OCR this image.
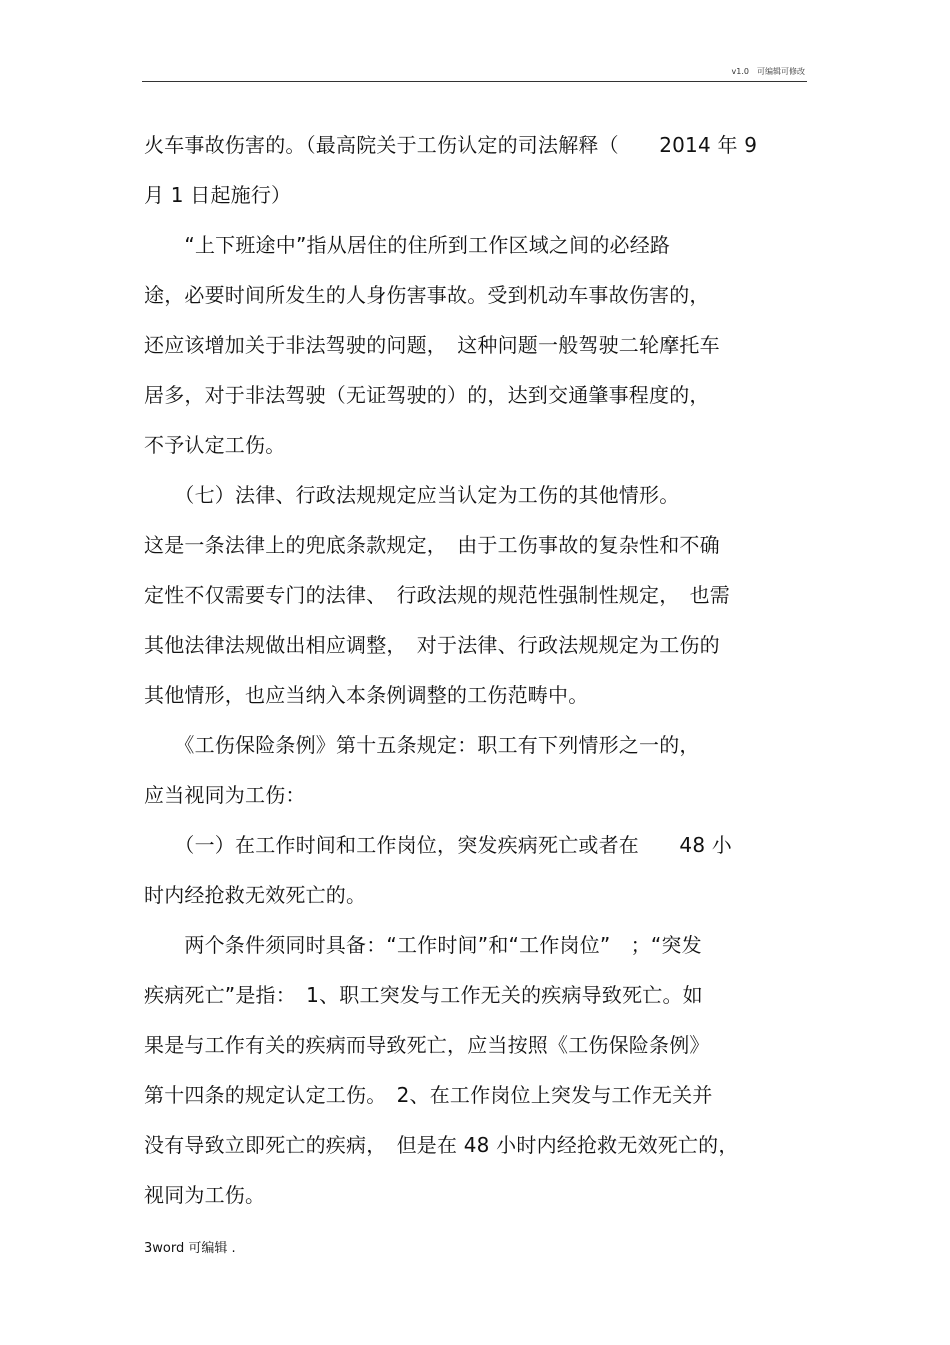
v1.0　可编辑可修改
火车事故伤害的。（最高院关于工伤认定的司法解释（　　2014 年 9
月 1 日起施行）
　　“上下班途中”指从居住的住所到工作区域之间的必经路
途，必要时间所发生的人身伤害事故。受到机动车事故伤害的，
还应该增加关于非法驾驶的问题，　这种问题一般驾驶二轮摩托车
居多，对于非法驾驶（无证驾驶的）的，达到交通肇事程度的，
不予认定工伤。
　　（七）法律、行政法规规定应当认定为工伤的其他情形。
这是一条法律上的兜底条款规定，　由于工伤事故的复杂性和不确
定性不仅需要专门的法律、　行政法规的规范性强制性规定，　也需
其他法律法规做出相应调整，　对于法律、行政法规规定为工伤的
其他情形，也应当纳入本条例调整的工伤范畴中。
　　《工伤保险条例》第十五条规定：职工有下列情形之一的，
应当视同为工伤：
　　（一）在工作时间和工作岗位，突发疾病死亡或者在　　48 小
时内经抢救无效死亡的。
　　两个条件须同时具备：“工作时间”和“工作岗位”　；“突发
疾病死亡”是指：　1、职工突发与工作无关的疾病导致死亡。如
果是与工作有关的疾病而导致死亡，应当按照《工伤保险条例》
第十四条的规定认定工伤。　2、在工作岗位上突发与工作无关并
没有导致立即死亡的疾病，　但是在 48 小时内经抢救无效死亡的，
视同为工伤。
3word 可编辑 .
